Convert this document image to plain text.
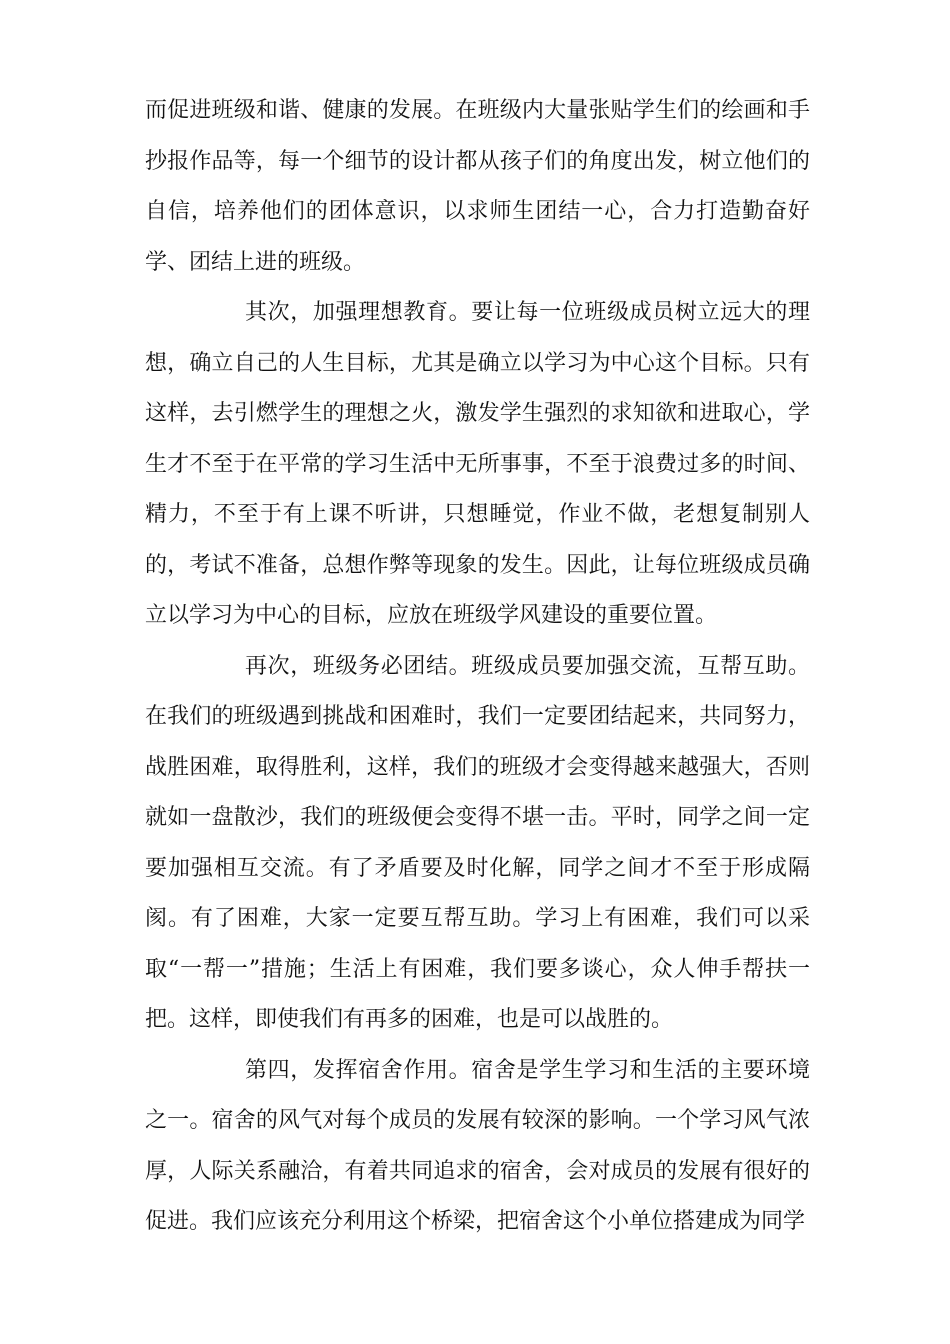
而促进班级和谐、健康的发展。在班级内大量张贴学生们的绘画和手抄报作品等，每一个细节的设计都从孩子们的角度出发，树立他们的自信，培养他们的团体意识，以求师生团结一心，合力打造勤奋好学、团结上进的班级。

其次，加强理想教育。要让每一位班级成员树立远大的理想，确立自己的人生目标，尤其是确立以学习为中心这个目标。只有这样，去引燃学生的理想之火，激发学生强烈的求知欲和进取心，学生才不至于在平常的学习生活中无所事事，不至于浪费过多的时间、精力，不至于有上课不听讲，只想睡觉，作业不做，老想复制别人的，考试不准备，总想作弊等现象的发生。因此，让每位班级成员确立以学习为中心的目标，应放在班级学风建设的重要位置。

再次，班级务必团结。班级成员要加强交流，互帮互助。在我们的班级遇到挑战和困难时，我们一定要团结起来，共同努力，战胜困难，取得胜利，这样，我们的班级才会变得越来越强大，否则就如一盘散沙，我们的班级便会变得不堪一击。平时，同学之间一定要加强相互交流。有了矛盾要及时化解，同学之间才不至于形成隔阂。有了困难，大家一定要互帮互助。学习上有困难，我们可以采取“一帮一”措施；生活上有困难，我们要多谈心，众人伸手帮扶一把。这样，即使我们有再多的困难，也是可以战胜的。

第四，发挥宿舍作用。宿舍是学生学习和生活的主要环境之一。宿舍的风气对每个成员的发展有较深的影响。一个学习风气浓厚，人际关系融洽，有着共同追求的宿舍，会对成员的发展有很好的促进。我们应该充分利用这个桥梁，把宿舍这个小单位搭建成为同学
